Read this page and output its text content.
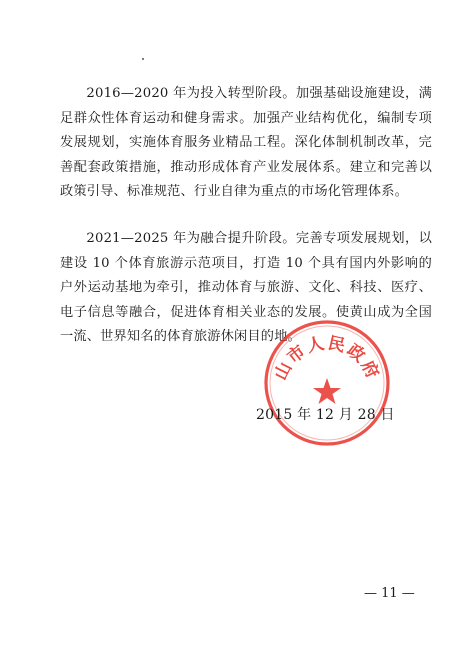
2016—2020 年为投入转型阶段。加强基础设施建设，满足群众性体育运动和健身需求。加强产业结构优化，编制专项发展规划，实施体育服务业精品工程。深化体制机制改革，完善配套政策措施，推动形成体育产业发展体系。建立和完善以政策引导、标准规范、行业自律为重点的市场化管理体系。

2021—2025 年为融合提升阶段。完善专项发展规划，以建设 10 个体育旅游示范项目，打造 10 个具有国内外影响的户外运动基地为牵引，推动体育与旅游、文化、科技、医疗、电子信息等融合，促进体育相关业态的发展。使黄山成为全国一流、世界知名的体育旅游休闲目的地。

山市人民政府
2015 年 12 月 28 日
— 11 —
